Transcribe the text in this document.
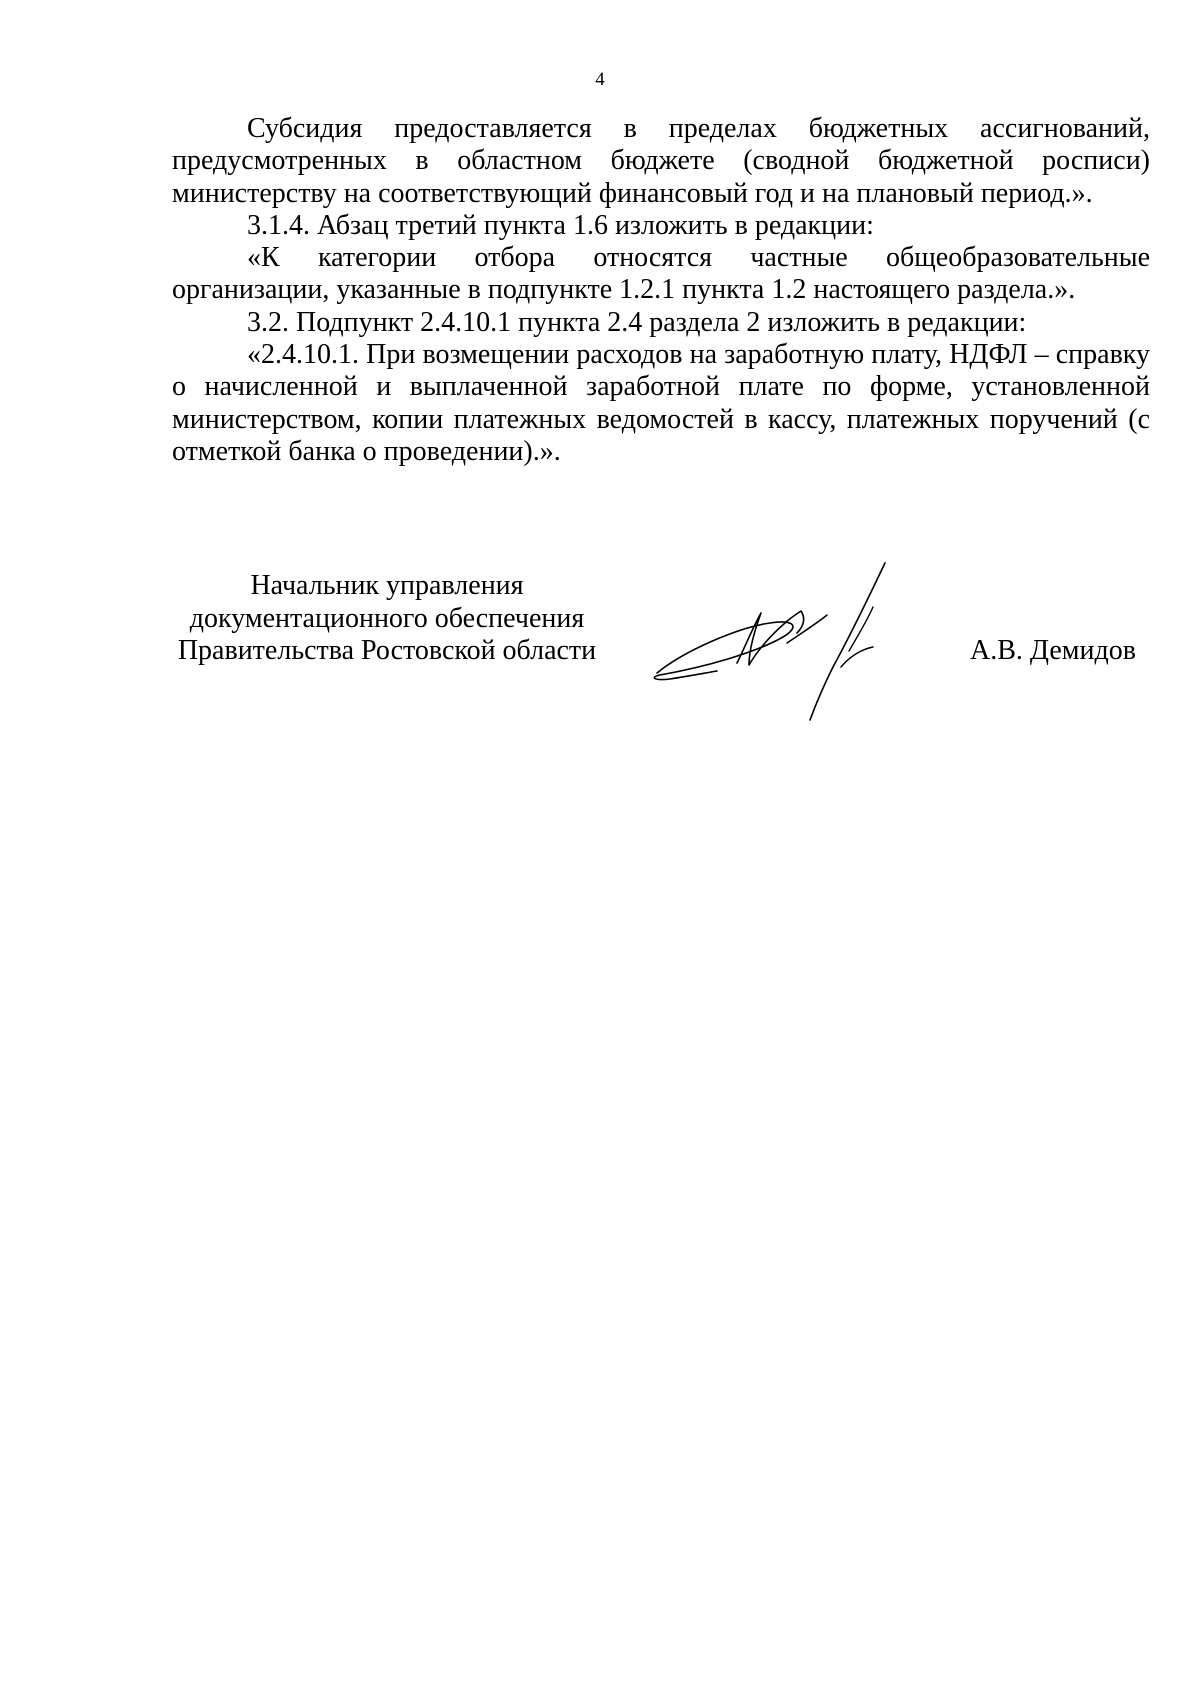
4

Субсидия предоставляется в пределах бюджетных ассигнований, предусмотренных в областном бюджете (сводной бюджетной росписи) министерству на соответствующий финансовый год и на плановый период.».

3.1.4. Абзац третий пункта 1.6 изложить в редакции:

«К категории отбора относятся частные общеобразовательные организации, указанные в подпункте 1.2.1 пункта 1.2 настоящего раздела.».

3.2. Подпункт 2.4.10.1 пункта 2.4 раздела 2 изложить в редакции:

«2.4.10.1. При возмещении расходов на заработную плату, НДФЛ – справку о начисленной и выплаченной заработной плате по форме, установленной министерством, копии платежных ведомостей в кассу, платежных поручений (с отметкой банка о проведении).».

Начальник управления
документационного обеспечения
Правительства Ростовской области	А.В. Демидов
